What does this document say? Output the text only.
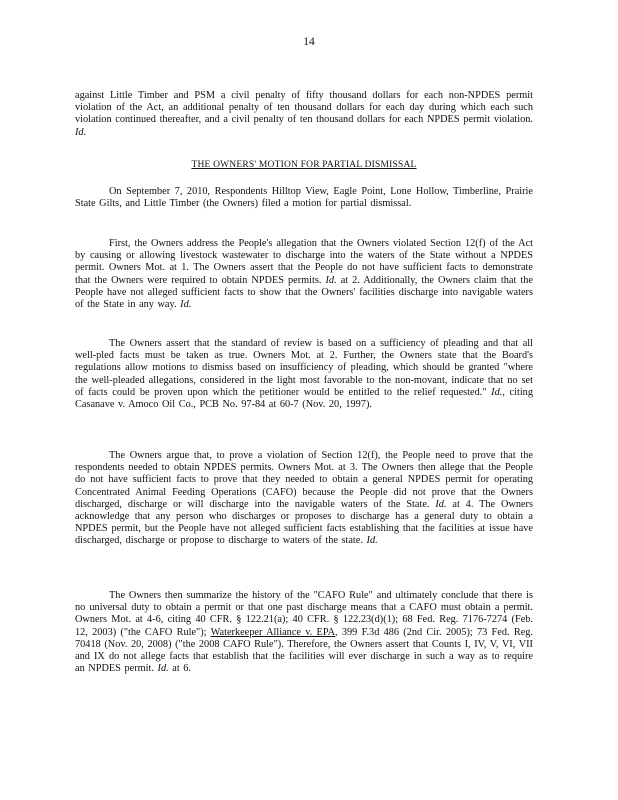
14

against Little Timber and PSM a civil penalty of fifty thousand dollars for each non-NPDES permit violation of the Act, an additional penalty of ten thousand dollars for each day during which each such violation continued thereafter, and a civil penalty of ten thousand dollars for each NPDES permit violation. Id.

THE OWNERS' MOTION FOR PARTIAL DISMISSAL

On September 7, 2010, Respondents Hilltop View, Eagle Point, Lone Hollow, Timberline, Prairie State Gilts, and Little Timber (the Owners) filed a motion for partial dismissal.

First, the Owners address the People's allegation that the Owners violated Section 12(f) of the Act by causing or allowing livestock wastewater to discharge into the waters of the State without a NPDES permit. Owners Mot. at 1. The Owners assert that the People do not have sufficient facts to demonstrate that the Owners were required to obtain NPDES permits. Id. at 2. Additionally, the Owners claim that the People have not alleged sufficient facts to show that the Owners' facilities discharge into navigable waters of the State in any way. Id.

The Owners assert that the standard of review is based on a sufficiency of pleading and that all well-pled facts must be taken as true. Owners Mot. at 2. Further, the Owners state that the Board's regulations allow motions to dismiss based on insufficiency of pleading, which should be granted "where the well-pleaded allegations, considered in the light most favorable to the non-movant, indicate that no set of facts could be proven upon which the petitioner would be entitled to the relief requested." Id., citing Casanave v. Amoco Oil Co., PCB No. 97-84 at 60-7 (Nov. 20, 1997).

The Owners argue that, to prove a violation of Section 12(f), the People need to prove that the respondents needed to obtain NPDES permits. Owners Mot. at 3. The Owners then allege that the People do not have sufficient facts to prove that they needed to obtain a general NPDES permit for operating Concentrated Animal Feeding Operations (CAFO) because the People did not prove that the Owners discharged, discharge or will discharge into the navigable waters of the State. Id. at 4. The Owners acknowledge that any person who discharges or proposes to discharge has a general duty to obtain a NPDES permit, but the People have not alleged sufficient facts establishing that the facilities at issue have discharged, discharge or propose to discharge to waters of the state. Id.

The Owners then summarize the history of the "CAFO Rule" and ultimately conclude that there is no universal duty to obtain a permit or that one past discharge means that a CAFO must obtain a permit. Owners Mot. at 4-6, citing 40 CFR. § 122.21(a); 40 CFR. § 122.23(d)(1); 68 Fed. Reg. 7176-7274 (Feb. 12, 2003) ("the CAFO Rule"); Waterkeeper Alliance v. EPA, 399 F.3d 486 (2nd Cir. 2005); 73 Fed. Reg. 70418 (Nov. 20, 2008) ("the 2008 CAFO Rule"). Therefore, the Owners assert that Counts I, IV, V, VI, VII and IX do not allege facts that establish that the facilities will ever discharge in such a way as to require an NPDES permit. Id. at 6.
